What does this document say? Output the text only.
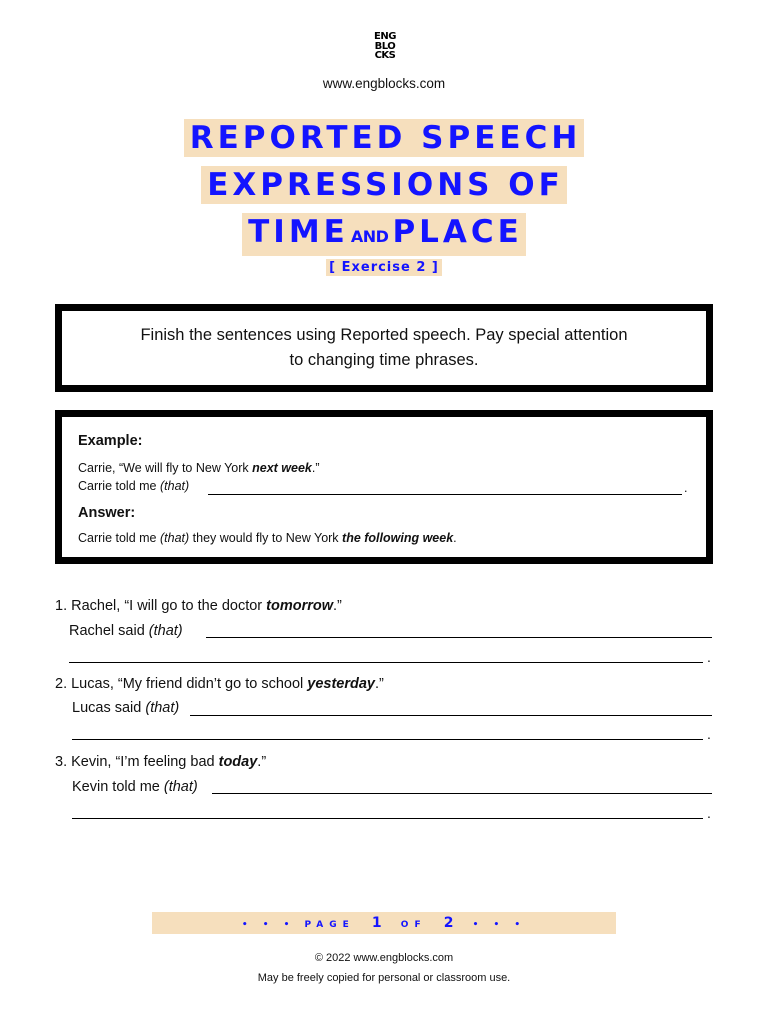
ENG
BLO
CKS
www.engblocks.com
REPORTED SPEECH
EXPRESSIONS OF
TIME AND PLACE
[ Exercise 2 ]
Finish the sentences using Reported speech. Pay special attention
to changing time phrases.
Example:
Carrie, “We will fly to New York next week.”
Carrie told me (that)	.
Answer:
Carrie told me (that) they would fly to New York the following week.
1. Rachel, “I will go to the doctor tomorrow.”
Rachel said (that)
.
2. Lucas, “My friend didn’t go to school yesterday.”
Lucas said (that)
.
3. Kevin, “I’m feeling bad today.”
Kevin told me (that)
.
• • • PAGE 1 OF 2 • • •
© 2022 www.engblocks.com
May be freely copied for personal or classroom use.
